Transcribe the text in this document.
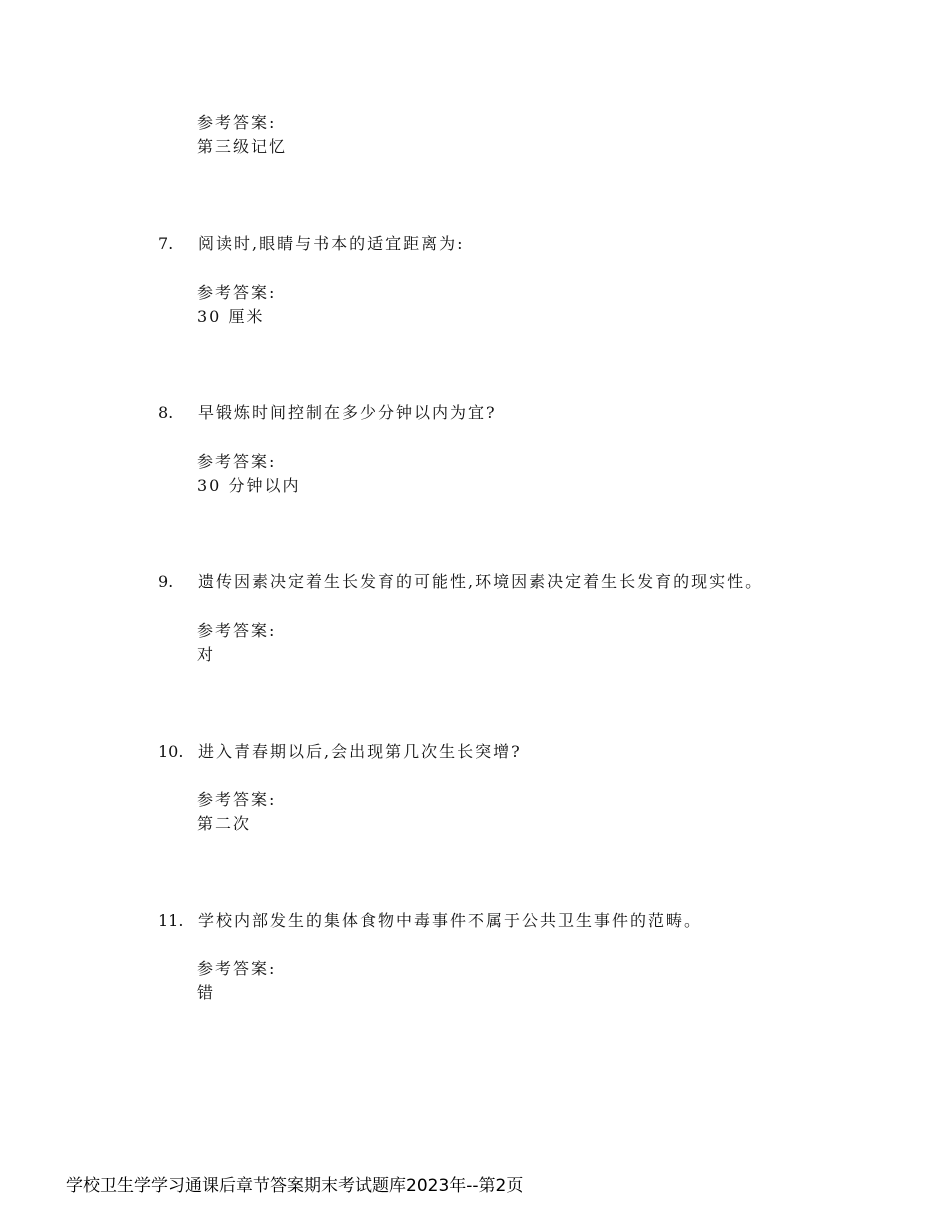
参考答案:
第三级记忆
7. 阅读时,眼睛与书本的适宜距离为:
参考答案:
30 厘米
8. 早锻炼时间控制在多少分钟以内为宜?
参考答案:
30 分钟以内
9. 遗传因素决定着生长发育的可能性,环境因素决定着生长发育的现实性。
参考答案:
对
10. 进入青春期以后,会出现第几次生长突增?
参考答案:
第二次
11. 学校内部发生的集体食物中毒事件不属于公共卫生事件的范畴。
参考答案:
错
学校卫生学学习通课后章节答案期末考试题库2023年--第2页
